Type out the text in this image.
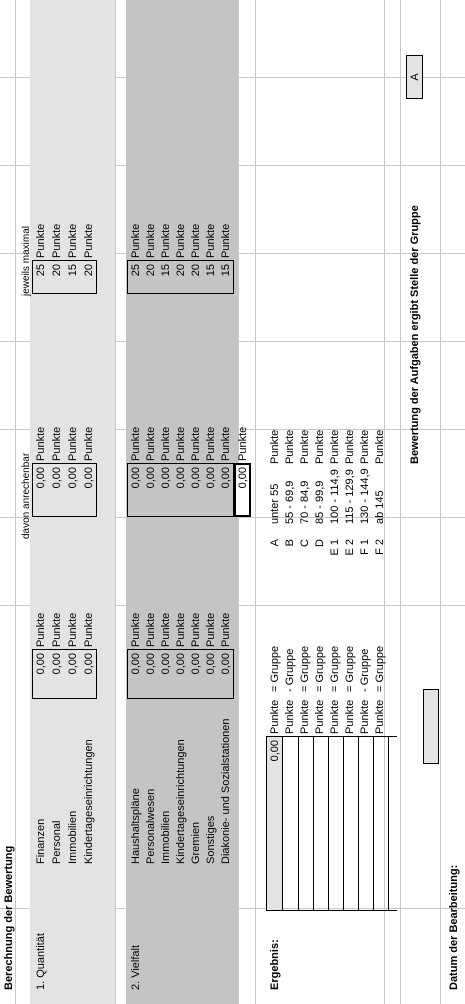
Berechnung der Bewertung 1. Quantität
Finanzen Personal Immobilien Kindertageseinrichtungen
0,00 0,00 0,00 0,00
Punkte Punkte Punkte Punkte
davon anrechenbar 0,00 0,00 0,00 0,00
Punkte Punkte Punkte Punkte
jeweils maximal 25 20 15 20
Punkte Punkte Punkte Punkte
2. Vielfalt
Haushaltspläne Personalwesen Immobilien Kindertageseinrichtungen Gremien Sonstiges Diakonie- und Sozialstationen
0,00 0,00 0,00 0,00 0,00 0,00 0,00
Punkte Punkte Punkte Punkte Punkte Punkte Punkte
0,00 0,00 0,00 0,00 0,00 0,00 0,00
Punkte Punkte Punkte Punkte Punkte Punkte Punkte
0,00
Punkte
25 20 15 20 20 15 15
Punkte Punkte Punkte Punkte Punkte Punkte Punkte
Ergebnis:
0,00
Punkte Punkte Punkte Punkte Punkte Punkte Punkte Punkte
= Gruppe - Gruppe = Gruppe = Gruppe = Gruppe = Gruppe - Gruppe = Gruppe
A B C D E 1 E 2 F 1 F 2
unter 55 55 - 69,9 70 - 84,9 85 - 99,9 100 - 114,9 115 - 129,9 130 - 144,9 ab 145
Punkte Punkte Punkte Punkte Punkte Punkte Punkte Punkte Bewertung der Aufgaben ergibt Stelle der Gruppe
A
Datum der Bearbeitung:
